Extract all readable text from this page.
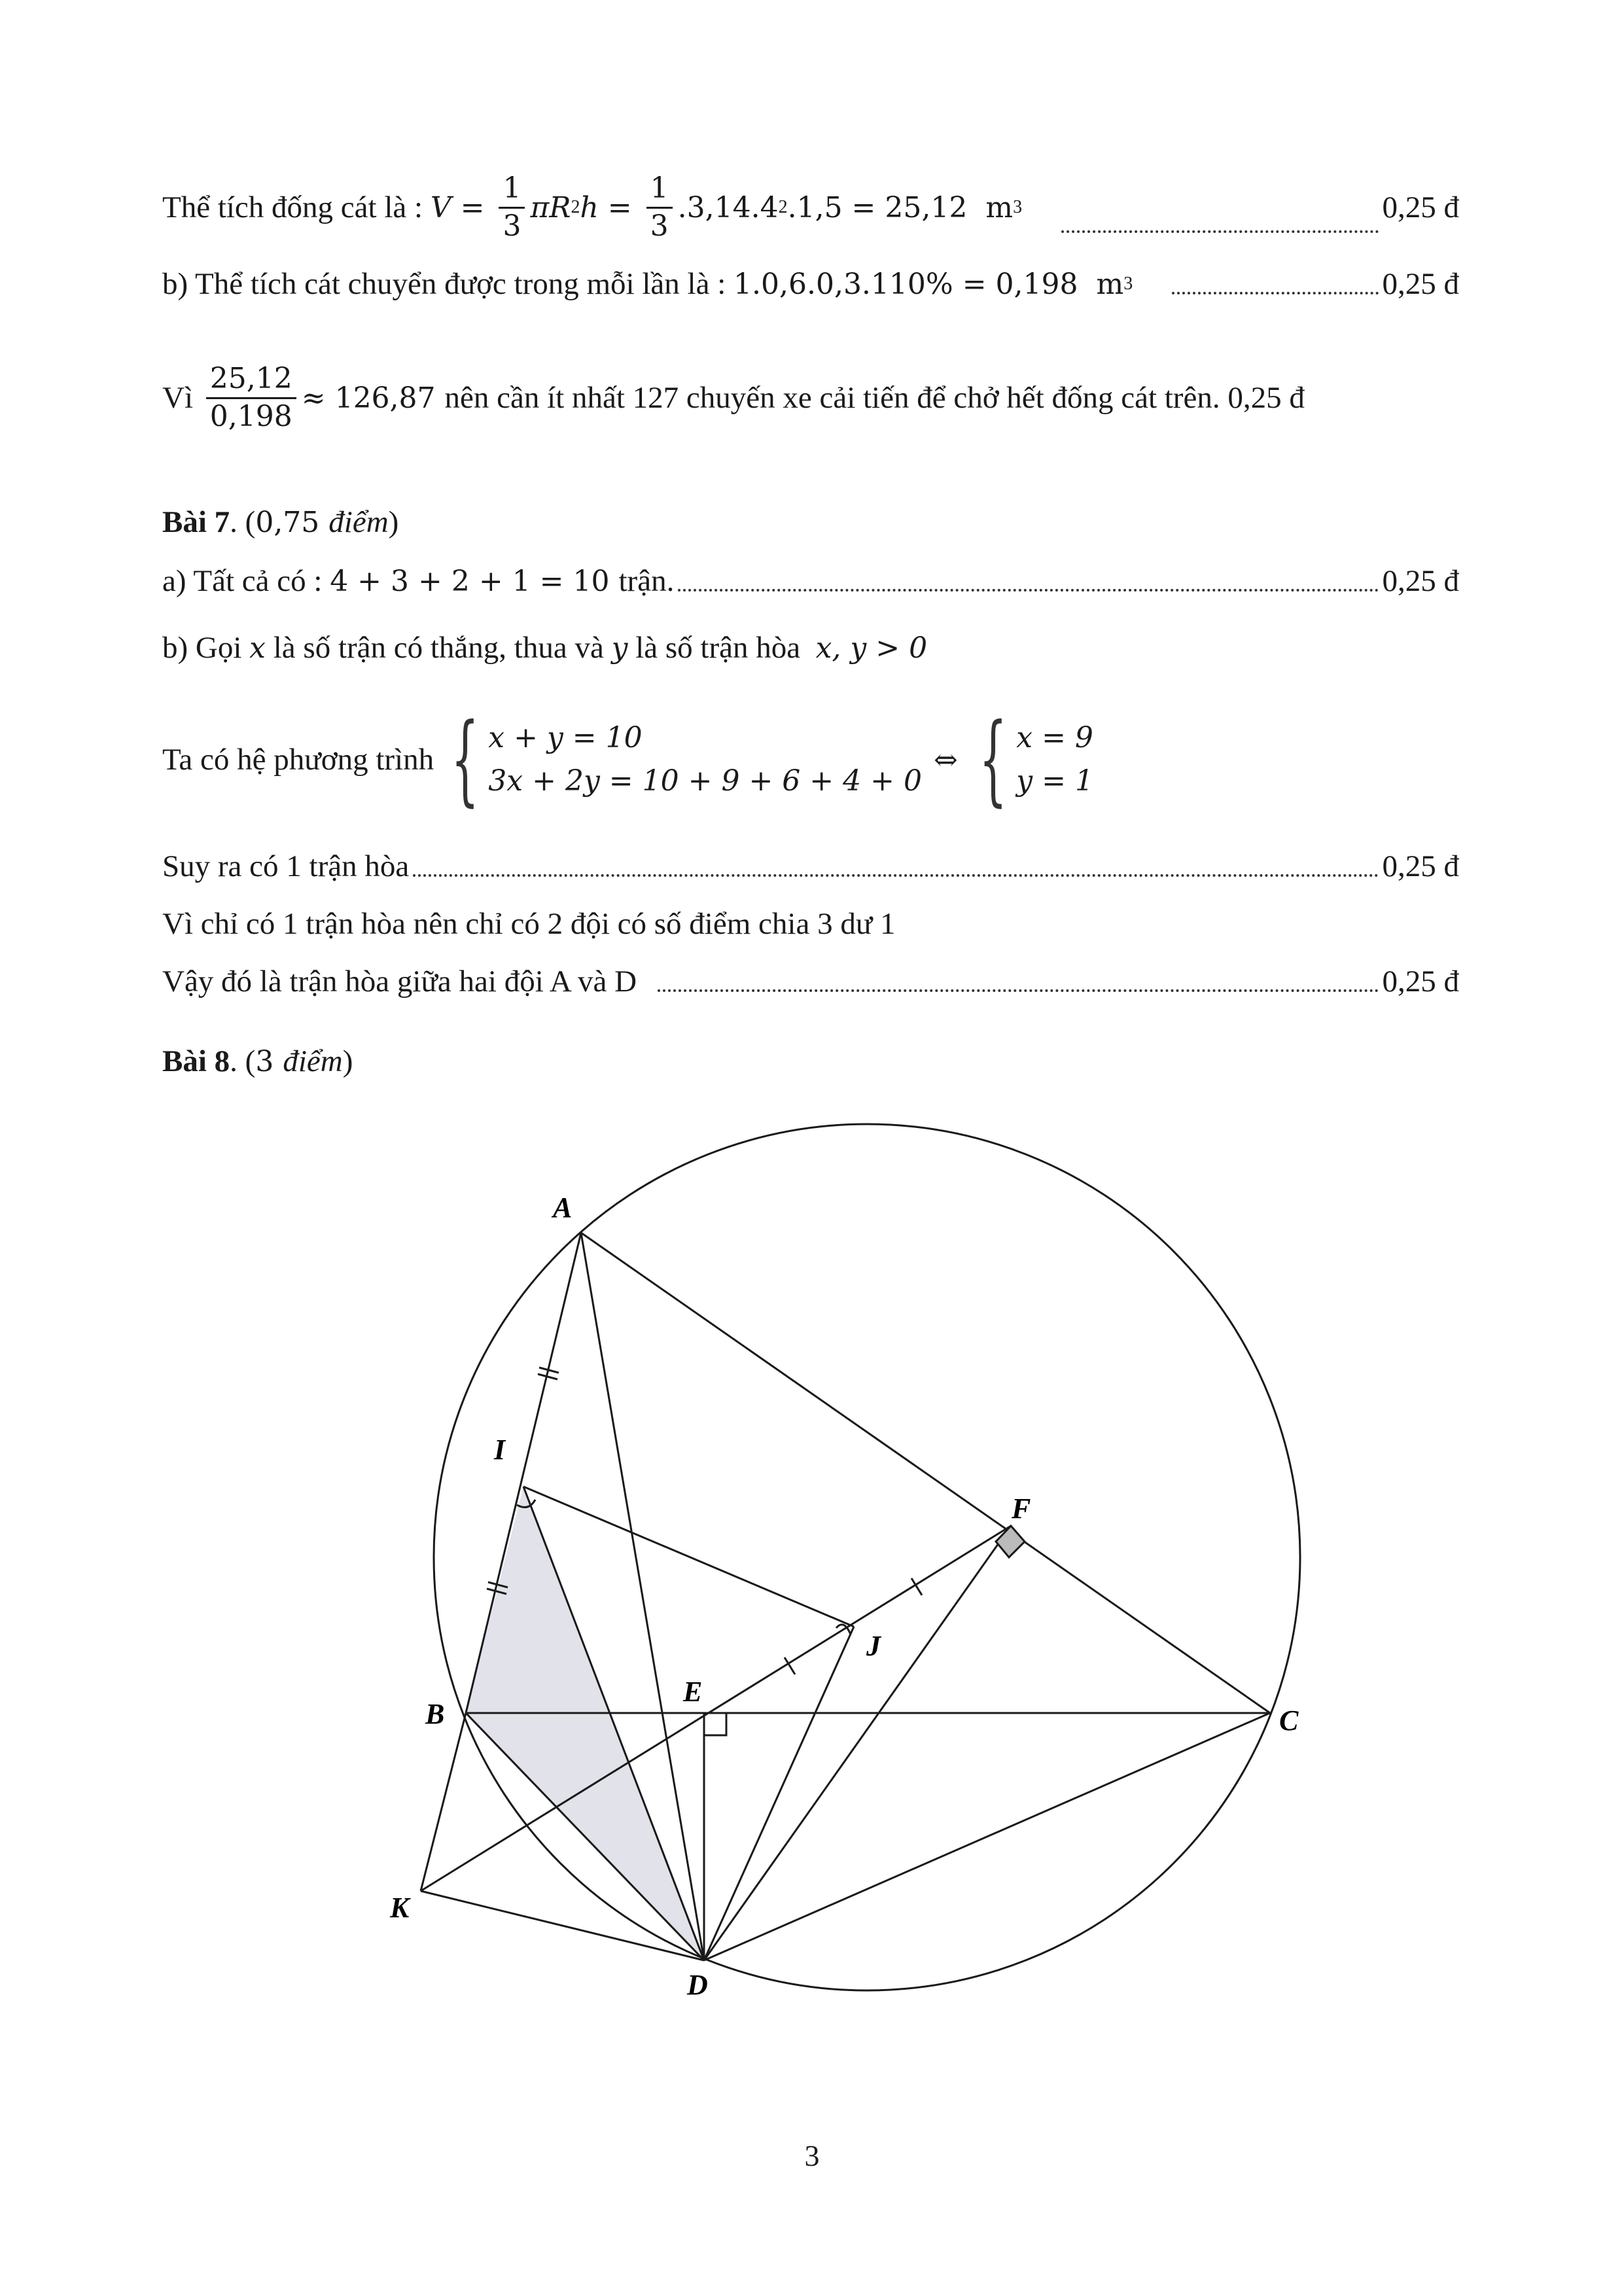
Thể tích đống cát là : $V = \frac{1}{3}$ πR 2 $h = \frac{1}{3} .3,14.4$ 2 .1,5 = 25,12  m 3	0,25 đ
b) Thể tích cát chuyển được trong mỗi lần là : 1.0,6.0,3.110% = 0,198  m 3	0,25 đ
Vì $\frac{25,12}{0,198} \approx 126,87$ nên cần ít nhất 127 chuyến xe cải tiến để chở hết đống cát trên. 0,25 đ
Bài 7 . ( 0,75 điểm )
a) Tất cả có : 4 + 3 + 2 + 1 = 10 trận.	0,25 đ
b) Gọi x là số trận có thắng, thua và y là số trận hòa x, y > 0
Ta có hệ phương trình { x + y = 10
3x + 2y = 10 + 9 + 6 + 4 + 0
⇔ { x = 9
y = 1
Suy ra có 1 trận hòa	0,25 đ
Vì chỉ có 1 trận hòa nên chỉ có 2 đội có số điểm chia 3 dư 1
Vậy đó là trận hòa giữa hai đội A và D	0,25 đ
Bài 8 . ( 3 điểm )
A
B	C
D
E
F
I
J
K
3
